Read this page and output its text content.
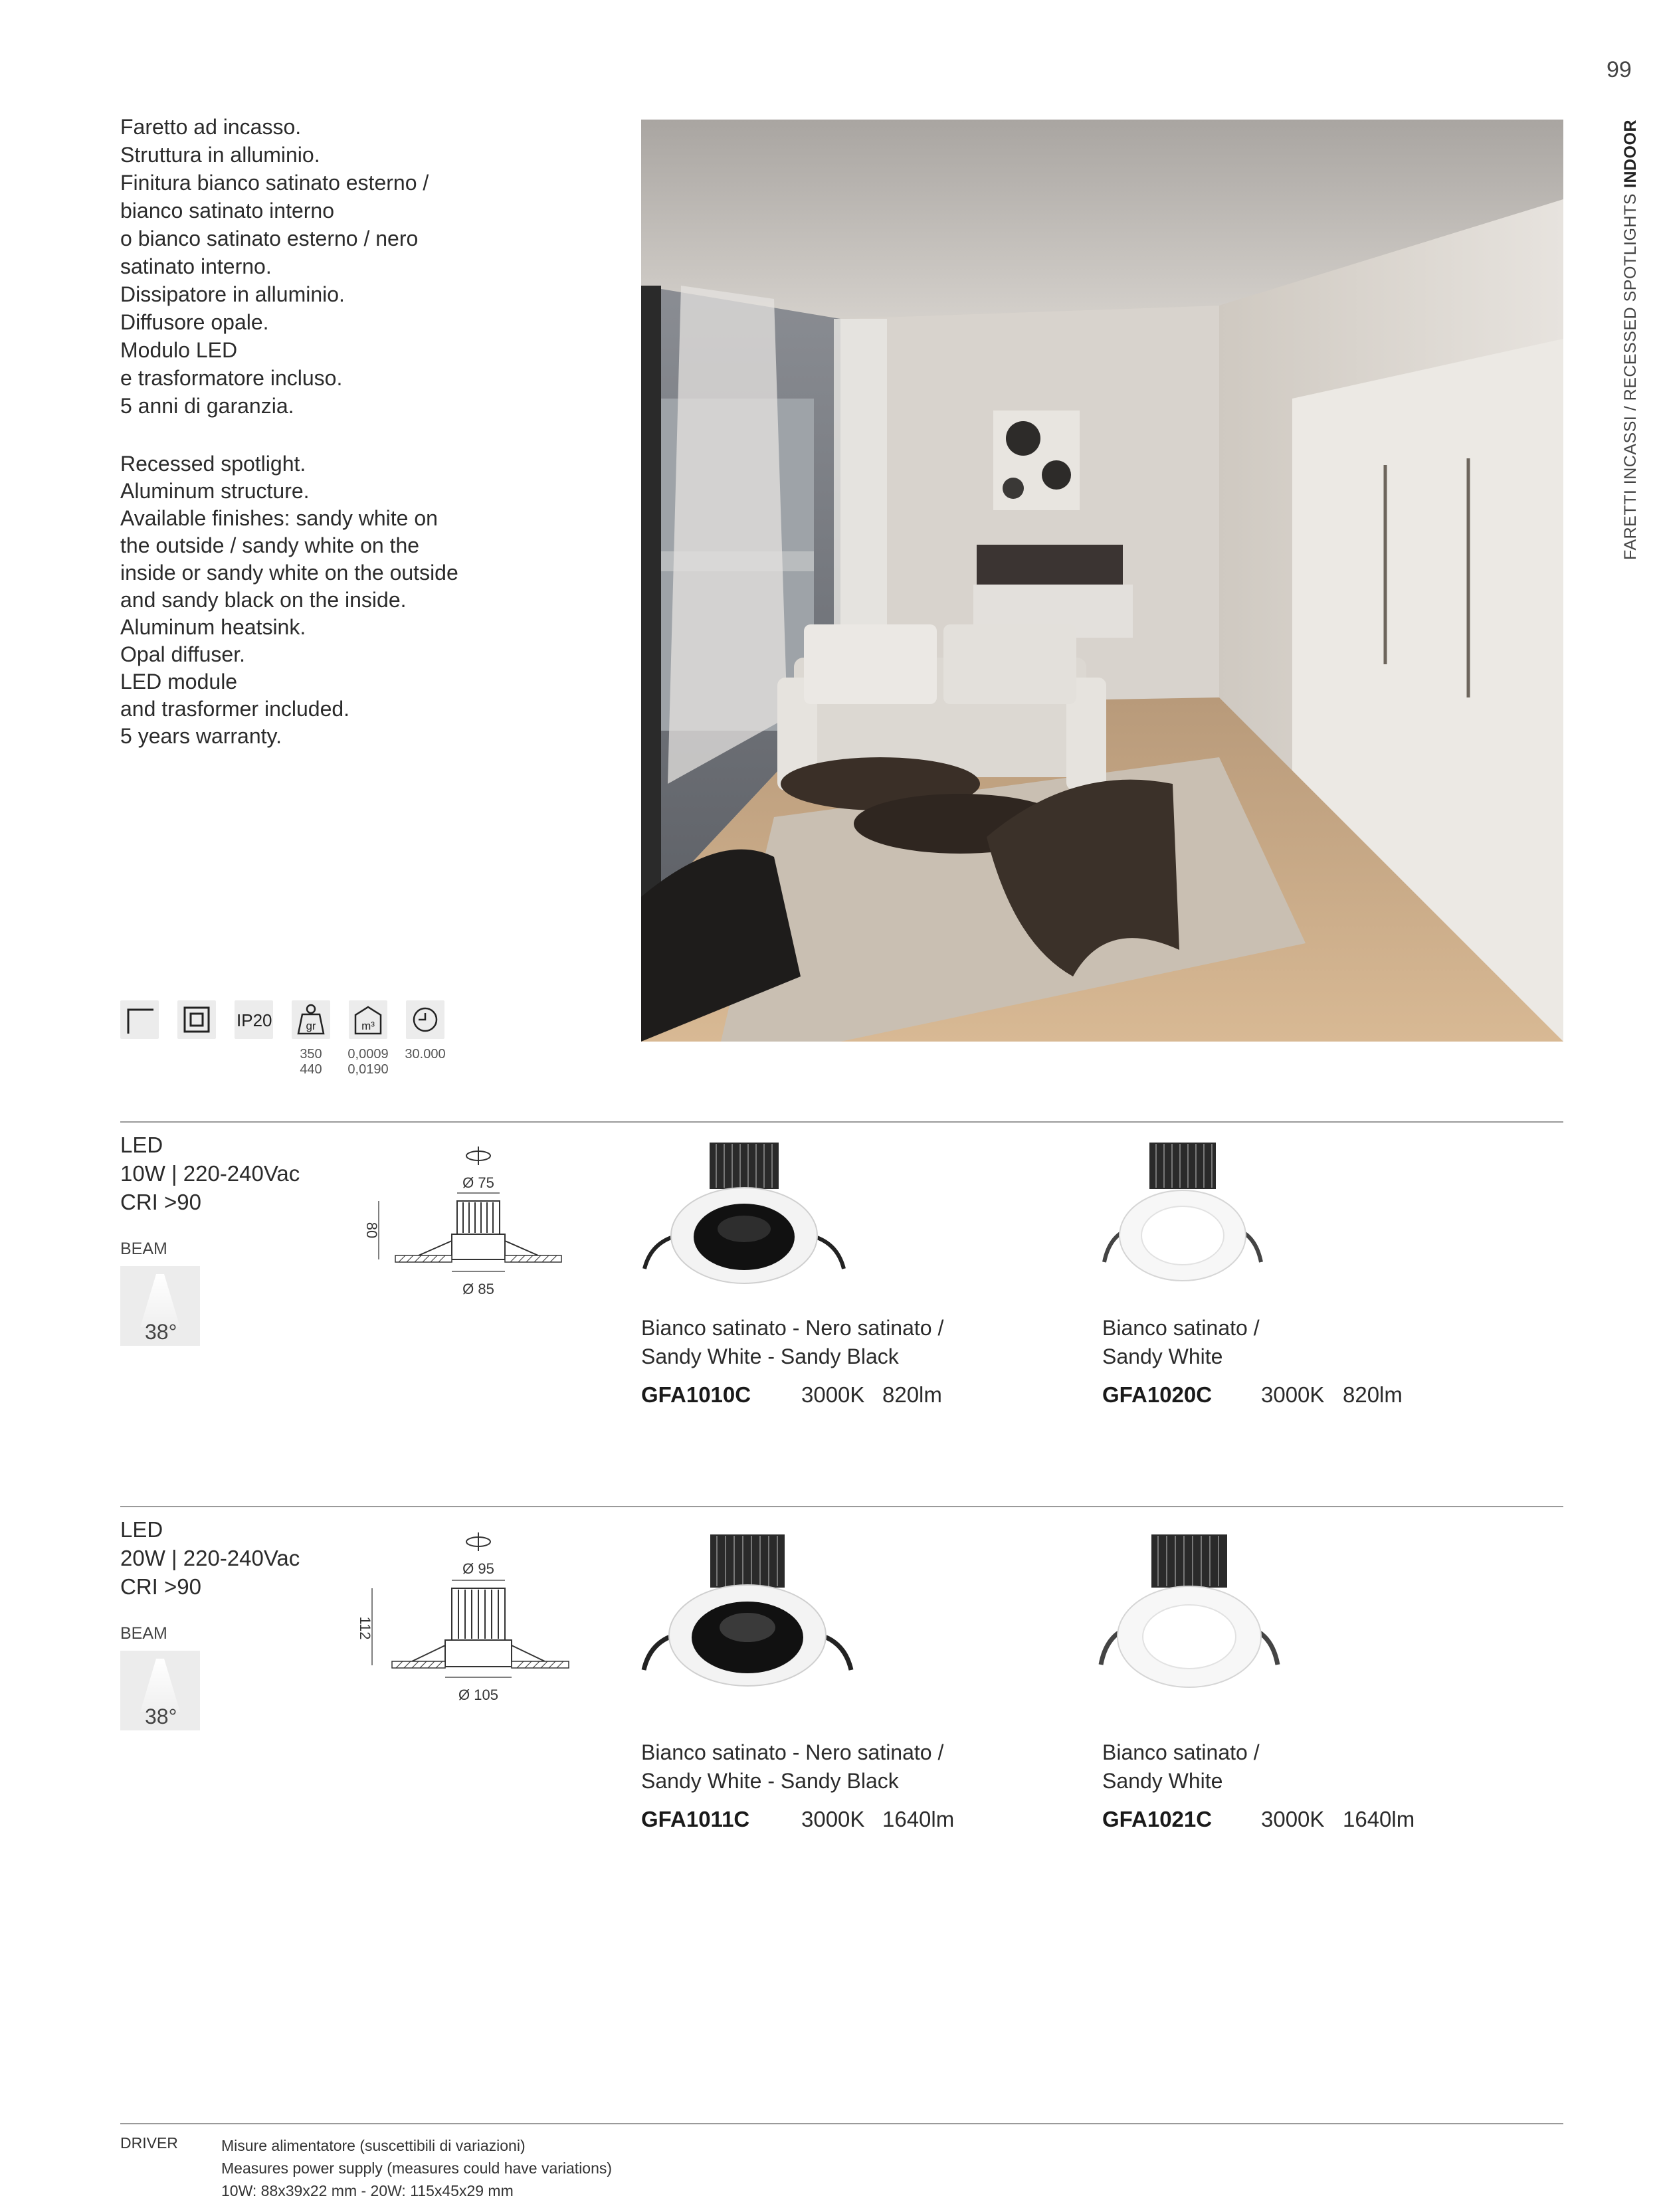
99
FARETTI INCASSI / RECESSED SPOTLIGHTS
INDOOR
Faretto ad incasso.
Struttura in alluminio.
Finitura bianco satinato esterno /
bianco satinato interno
o bianco satinato esterno / nero
satinato interno.
Dissipatore in alluminio.
Diffusore opale.
Modulo LED
e trasformatore incluso.
5 anni di garanzia.
Recessed spotlight.
Aluminum structure.
Available finishes: sandy white on
the outside / sandy white on the
inside or sandy white on the outside
and sandy black on the inside.
Aluminum heatsink.
Opal diffuser.
LED module
and trasformer included.
5 years warranty.
IP20	gr	m³
350
440
0,0009
0,0190
30.000
LED
10W | 220-240Vac
CRI >90
BEAM
38°
Ø 75
80
Ø 85
Bianco satinato - Nero satinato /
Sandy White - Sandy Black
GFA1010C 3000K 820lm
Bianco satinato /
Sandy White
GFA1020C 3000K 820lm
LED
20W | 220-240Vac
CRI >90
BEAM
38°
Ø 95
112
Ø 105
Bianco satinato - Nero satinato /
Sandy White - Sandy Black
GFA1011C 3000K 1640lm
Bianco satinato /
Sandy White
GFA1021C 3000K 1640lm
DRIVER	Misure alimentatore (suscettibili di variazioni)
Measures power supply (measures could have variations)
10W: 88x39x22 mm - 20W: 115x45x29 mm
